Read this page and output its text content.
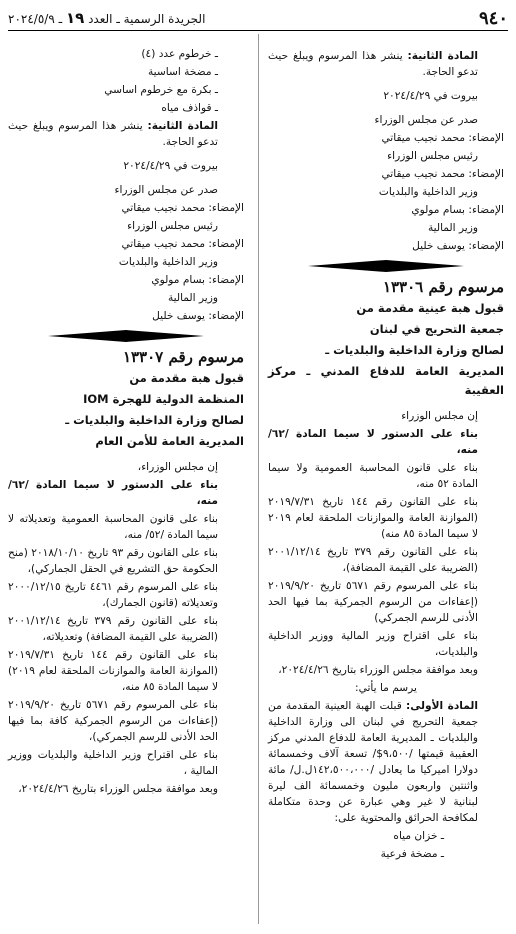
٩٤٠
الجريدة الرسمية ـ العدد ١٩ ـ ٢٠٢٤/٥/٩

المادة الثانية: ينشر هذا المرسوم ويبلغ حيث تدعو الحاجة.

بيروت في ٢٠٢٤/٤/٢٩

صدر عن مجلس الوزراء

الإمضاء: محمد نجيب ميقاتي

رئيس مجلس الوزراء

الإمضاء: محمد نجيب ميقاتي

وزير الداخلية والبلديات

الإمضاء: بسام مولوي

وزير المالية

الإمضاء: يوسف خليل

مرسوم رقم ١٣٣٠٦

قبول هبة عينية مقدمة من

جمعية التحريج في لبنان

لصالح وزارة الداخلية والبلديات ـ

المديرية العامة للدفاع المدني ـ مركز العقيبة

إن مجلس الوزراء

بناء على الدستور لا سيما المادة /٦٢/ منه،

بناء على قانون المحاسبة العمومية ولا سيما المادة ٥٢ منه،

بناء على القانون رقم ١٤٤ تاريخ ٢٠١٩/٧/٣١ (الموازنة العامة والموازنات الملحقة لعام ٢٠١٩ لا سيما المادة ٨٥ منه)

بناء على القانون رقم ٣٧٩ تاريخ ٢٠٠١/١٢/١٤ (الضريبة على القيمة المضافة)،

بناء على المرسوم رقم ٥٦٧١ تاريخ ٢٠١٩/٩/٢٠ (إعفاءات من الرسوم الجمركية بما فيها الحد الأدنى للرسم الجمركي)

بناء على اقتراح وزير المالية ووزير الداخلية والبلديات،

وبعد موافقة مجلس الوزراء بتاريخ ٢٠٢٤/٤/٢٦،

يرسم ما يأتي:

المادة الأولى: قبلت الهبة العينية المقدمة من جمعية التحريج في لبنان الى وزارة الداخلية والبلديات ـ المديرية العامة للدفاع المدني مركز العقيبة قيمتها /٩،٥٠٠$/ تسعة آلاف وخمسمائة دولارا اميركيا ما يعادل /١٤٢،٥٠٠،٠٠٠ل.ل/ مائة واثنتين واربعون مليون وخمسمائة الف ليرة لبنانية لا غير وهي عبارة عن وحدة متكاملة لمكافحة الحرائق والمحتوية على:

ـ خزان مياه

ـ مضخة فرعية

ـ خرطوم عدد (٤)

ـ مضخة اساسية

ـ بكرة مع خرطوم اساسي

ـ قواذف مياه

المادة الثانية: ينشر هذا المرسوم ويبلغ حيث تدعو الحاجة.

بيروت في ٢٠٢٤/٤/٢٩

صدر عن مجلس الوزراء

الإمضاء: محمد نجيب ميقاتي

رئيس مجلس الوزراء

الإمضاء: محمد نجيب ميقاتي

وزير الداخلية والبلديات

الإمضاء: بسام مولوي

وزير المالية

الإمضاء: يوسف خليل

مرسوم رقم ١٣٣٠٧

قبول هبة مقدمة من

المنظمة الدولية للهجرة IOM

لصالح وزارة الداخلية والبلديات ـ

المديرية العامة للأمن العام

إن مجلس الوزراء،

بناء على الدستور لا سيما المادة /٦٢/ منه،

بناء على قانون المحاسبة العمومية وتعديلاته لا سيما المادة /٥٢/ منه،

بناء على القانون رقم ٩٣ تاريخ ٢٠١٨/١٠/١٠ (منح الحكومة حق التشريع في الحقل الجماركي)،

بناء على المرسوم رقم ٤٤٦١ تاريخ ٢٠٠٠/١٢/١٥ وتعديلاته (قانون الجمارك)،

بناء على القانون رقم ٣٧٩ تاريخ ٢٠٠١/١٢/١٤ (الضريبة على القيمة المضافة) وتعديلاته،

بناء على القانون رقم ١٤٤ تاريخ ٢٠١٩/٧/٣١ (الموازنة العامة والموازنات الملحقة لعام ٢٠١٩) لا سيما المادة ٨٥ منه،

بناء على المرسوم رقم ٥٦٧١ تاريخ ٢٠١٩/٩/٢٠ (إعفاءات من الرسوم الجمركية كافة بما فيها الحد الأدنى للرسم الجمركي)،

بناء على اقتراح وزير الداخلية والبلديات ووزير المالية ،

وبعد موافقة مجلس الوزراء بتاريخ ٢٠٢٤/٤/٢٦،
